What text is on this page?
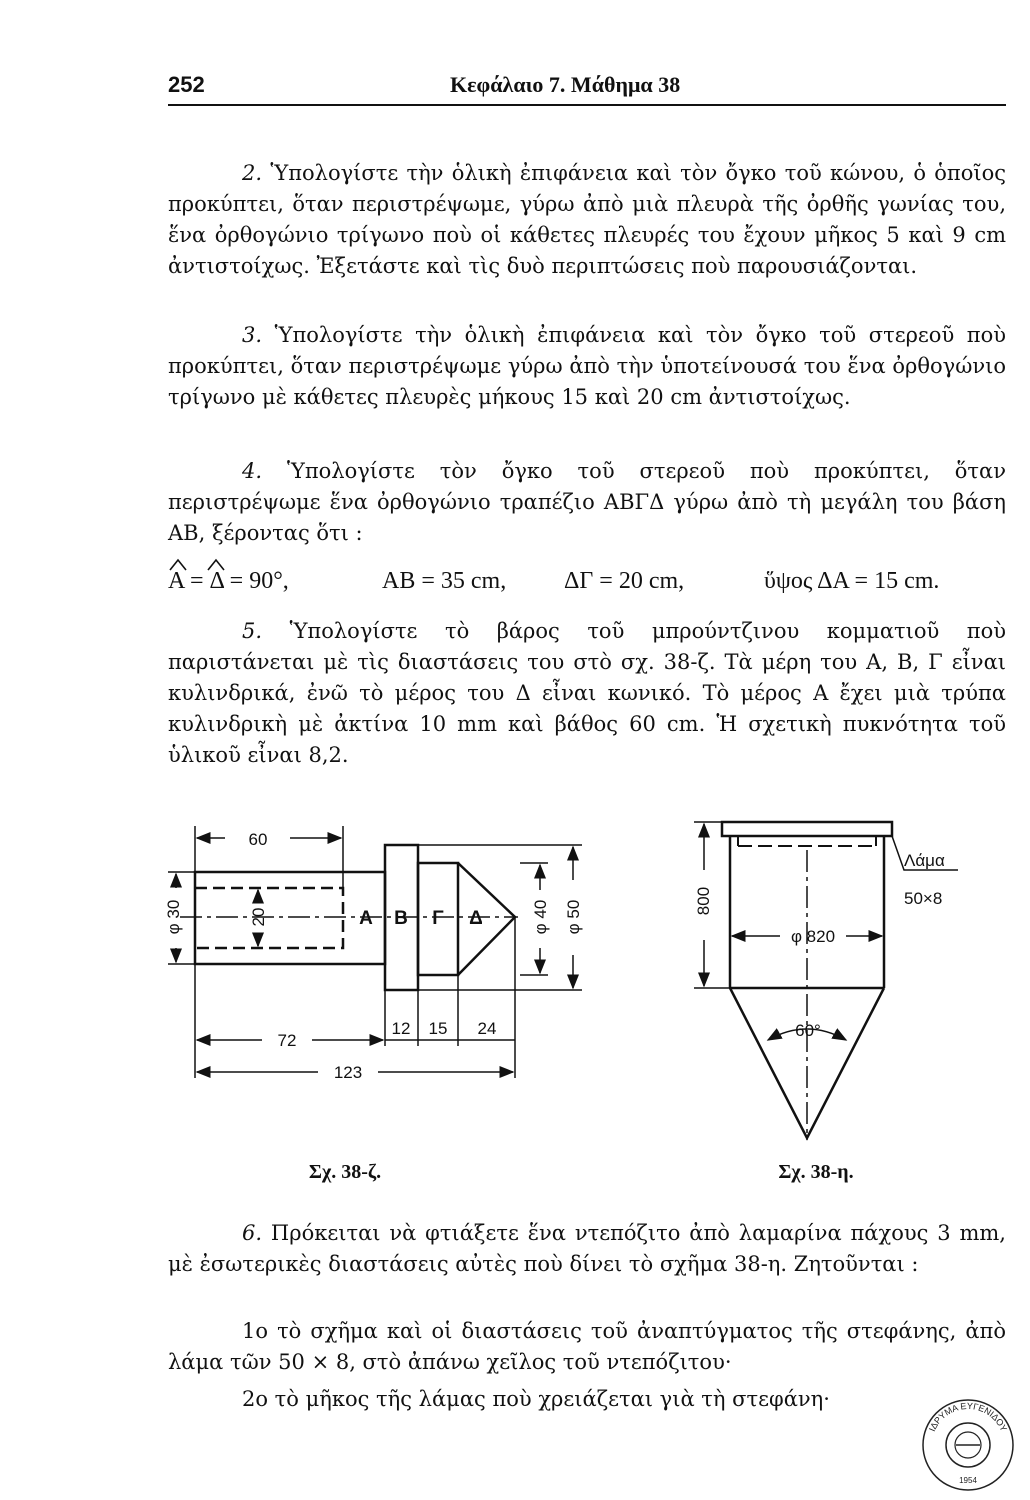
252	Κεφάλαιο 7. Μάθημα 38

2. Ὑπολογίστε τὴν ὁλικὴ ἐπιφάνεια καὶ τὸν ὄγκο τοῦ κώνου, ὁ ὁποῖος προκύπτει, ὅταν περιστρέψωμε, γύρω ἀπὸ μιὰ πλευρὰ τῆς ὀρθῆς γωνίας του, ἕνα ὀρθογώνιο τρίγωνο ποὺ οἱ κάθετες πλευρές του ἔχουν μῆκος 5 καὶ 9 cm ἀντιστοίχως. Ἐξετάστε καὶ τὶς δυὸ περιπτώσεις ποὺ παρουσιάζονται.

3. Ὑπολογίστε τὴν ὁλικὴ ἐπιφάνεια καὶ τὸν ὄγκο τοῦ στερεοῦ ποὺ προκύπτει, ὅταν περιστρέψωμε γύρω ἀπὸ τὴν ὑποτείνουσά του ἕνα ὀρθογώνιο τρίγωνο μὲ κάθετες πλευρὲς μήκους 15 καὶ 20 cm ἀντιστοίχως.

4. Ὑπολογίστε τὸν ὄγκο τοῦ στερεοῦ ποὺ προκύπτει, ὅταν περιστρέψωμε ἕνα ὀρθογώνιο τραπέζιο ΑΒΓΔ γύρω ἀπὸ τὴ μεγάλη του βάση ΑΒ, ξέροντας ὅτι :

A = Δ = 90°,	AB = 35 cm, ΔΓ = 20 cm,	ὕψος ΔΑ = 15 cm.

5. Ὑπολογίστε τὸ βάρος τοῦ μπρούντζινου κομματιοῦ ποὺ παριστάνεται μὲ τὶς διαστάσεις του στὸ σχ. 38-ζ. Τὰ μέρη του Α, Β, Γ εἶναι κυλινδρικά, ἐνῶ τὸ μέρος του Δ εἶναι κωνικό. Τὸ μέρος Α ἔχει μιὰ τρύπα κυλινδρικὴ μὲ ἀκτίνα 10 mm καὶ βάθος 60 cm. Ἡ σχετικὴ πυκνότητα τοῦ ὑλικοῦ εἶναι 8,2.

60
φ 30	20	φ 40 φ 50
72
12 15 24
123
Α Β Γ Δ
Σχ. 38-ζ.
800
φ 820
60°
Λάμα
50×8
Σχ. 38-η.

6. Πρόκειται νὰ φτιάξετε ἕνα ντεπόζιτο ἀπὸ λαμαρίνα πάχους 3 mm, μὲ ἐσωτερικὲς διαστάσεις αὐτὲς ποὺ δίνει τὸ σχῆμα 38-η. Ζητοῦνται :

1ο τὸ σχῆμα καὶ οἱ διαστάσεις τοῦ ἀναπτύγματος τῆς στεφάνης, ἀπὸ λάμα τῶν 50 × 8, στὸ ἀπάνω χεῖλος τοῦ ντεπόζιτου·

2ο τὸ μῆκος τῆς λάμας ποὺ χρειάζεται γιὰ τὴ στεφάνη·

ΙΔΡΥΜΑ ΕΥΓΕΝΙΔΟΥ
1954
